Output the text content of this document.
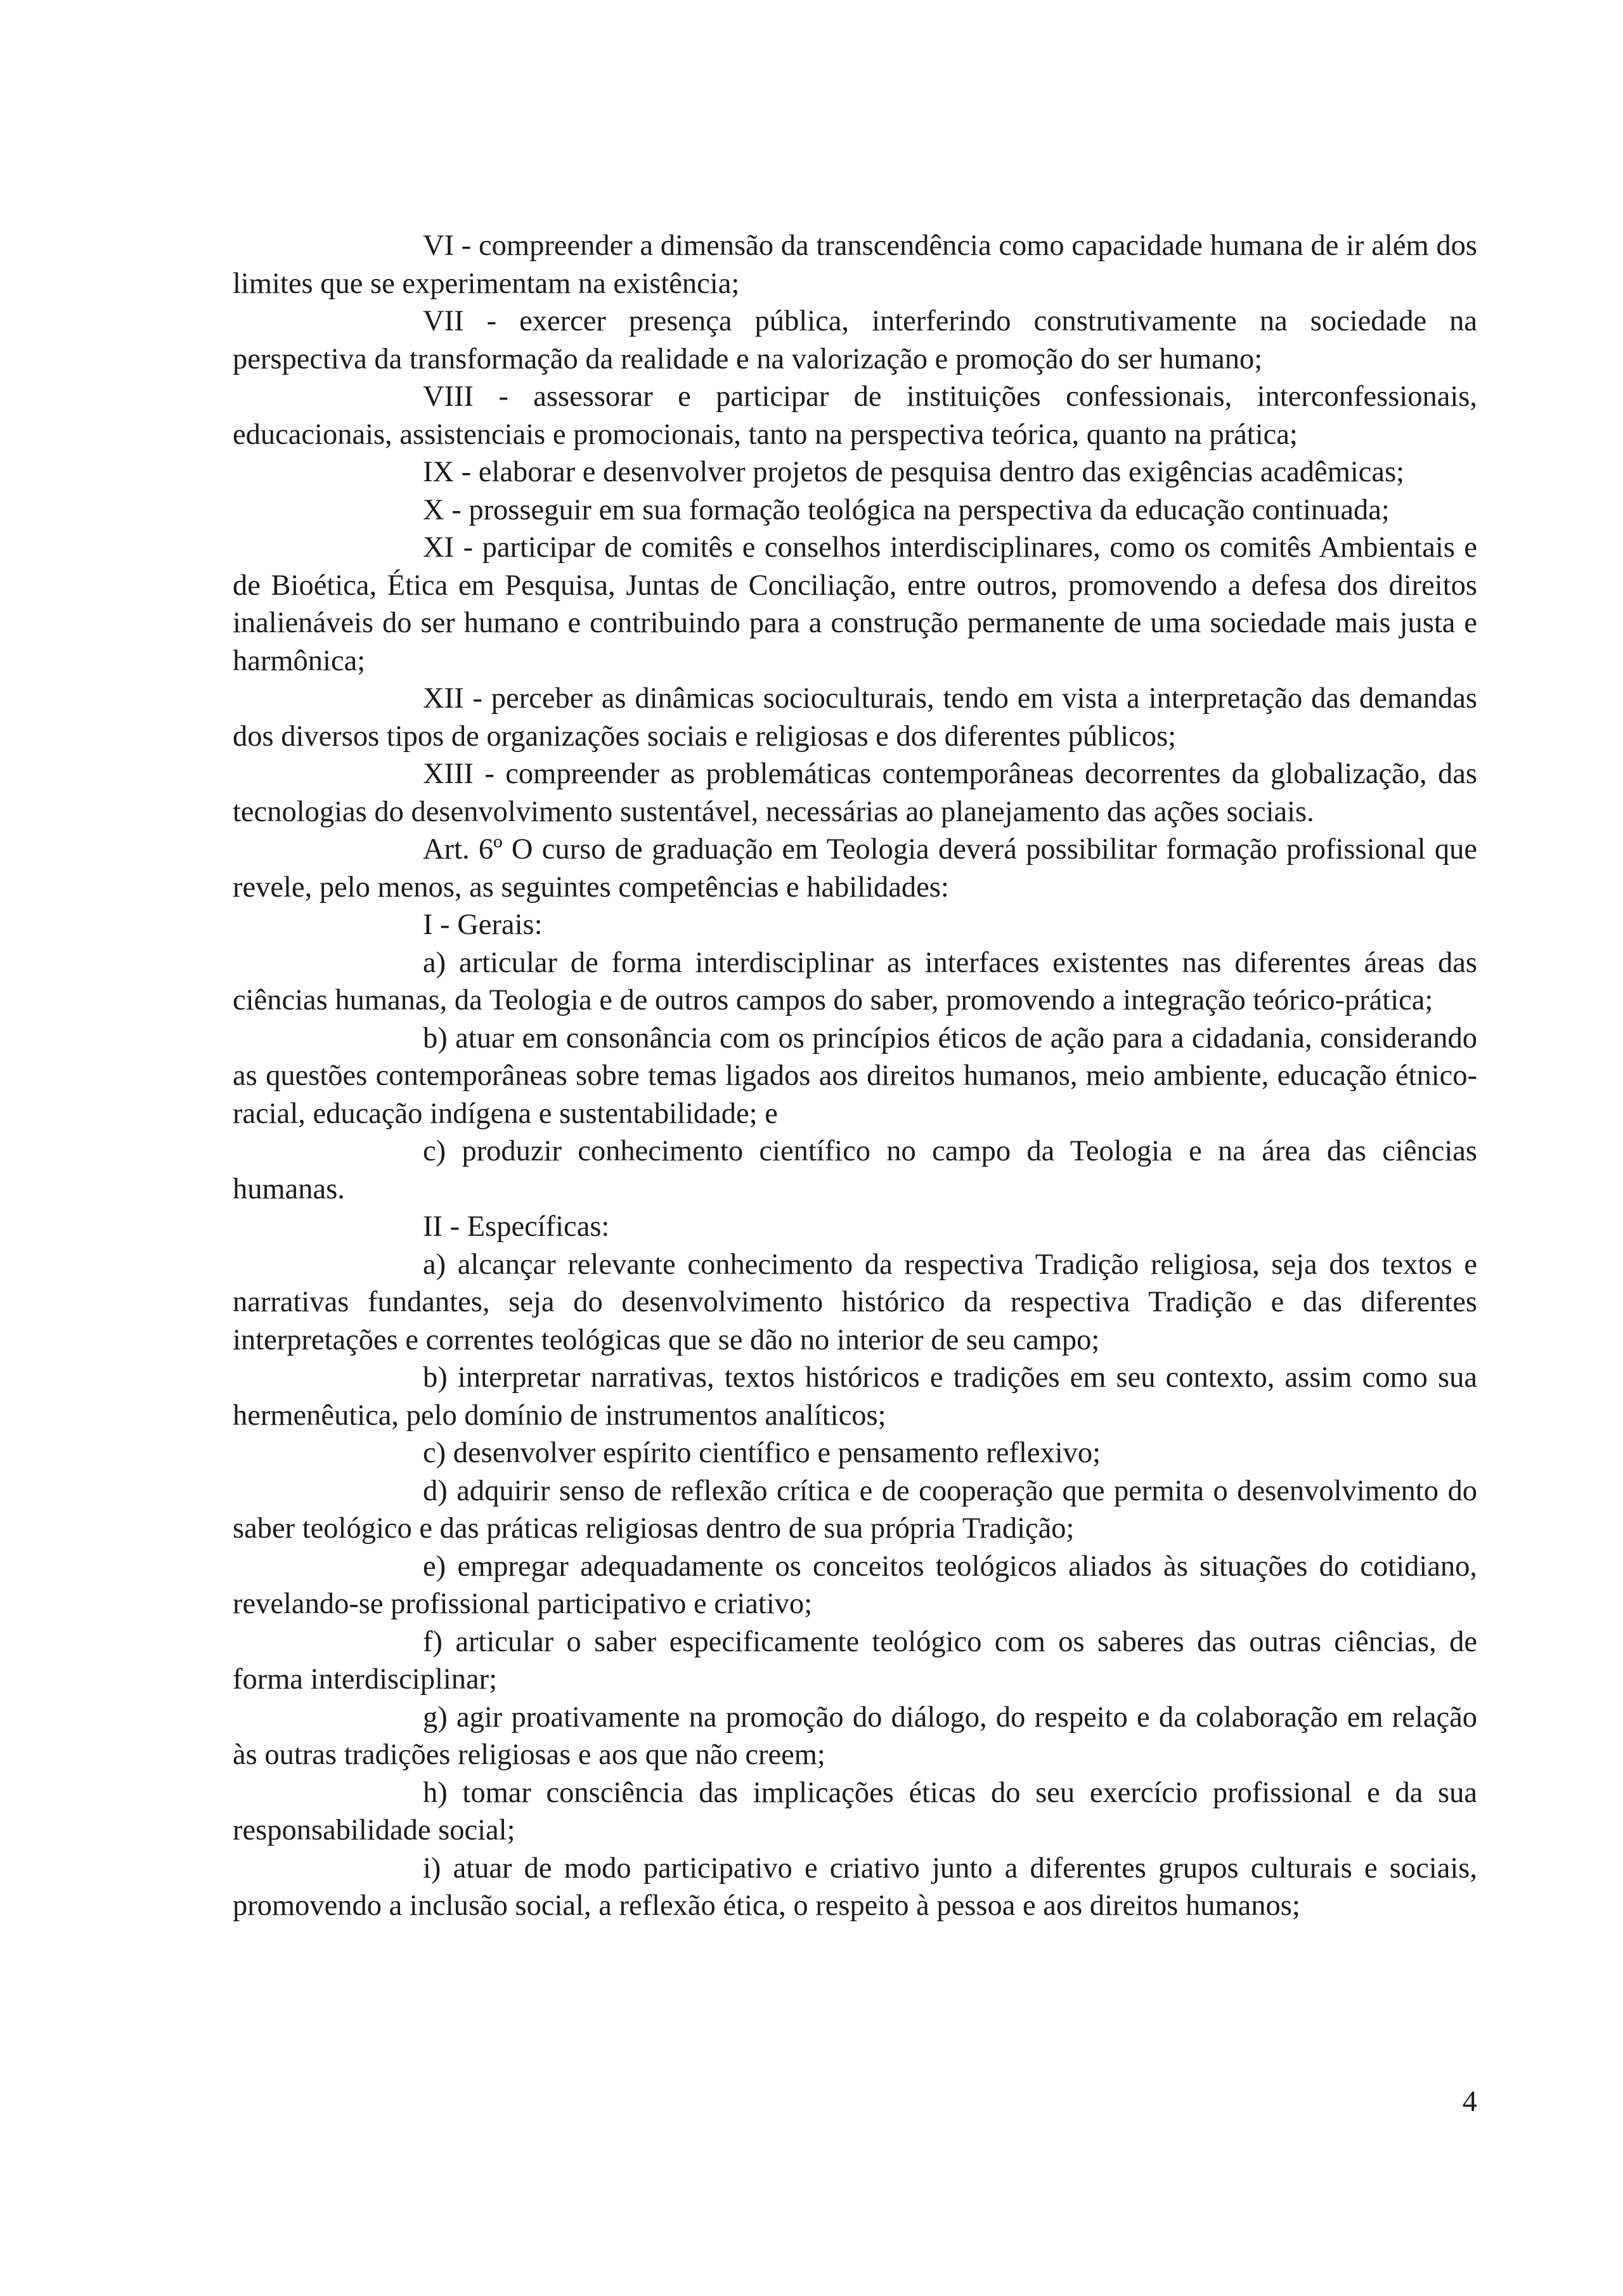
VI - compreender a dimensão da transcendência como capacidade humana de ir além dos limites que se experimentam na existência;

VII - exercer presença pública, interferindo construtivamente na sociedade na perspectiva da transformação da realidade e na valorização e promoção do ser humano;

VIII - assessorar e participar de instituições confessionais, interconfessionais, educacionais, assistenciais e promocionais, tanto na perspectiva teórica, quanto na prática;

IX - elaborar e desenvolver projetos de pesquisa dentro das exigências acadêmicas;

X - prosseguir em sua formação teológica na perspectiva da educação continuada;

XI - participar de comitês e conselhos interdisciplinares, como os comitês Ambientais e de Bioética, Ética em Pesquisa, Juntas de Conciliação, entre outros, promovendo a defesa dos direitos inalienáveis do ser humano e contribuindo para a construção permanente de uma sociedade mais justa e harmônica;

XII - perceber as dinâmicas socioculturais, tendo em vista a interpretação das demandas dos diversos tipos de organizações sociais e religiosas e dos diferentes públicos;

XIII - compreender as problemáticas contemporâneas decorrentes da globalização, das tecnologias do desenvolvimento sustentável, necessárias ao planejamento das ações sociais.

Art. 6º O curso de graduação em Teologia deverá possibilitar formação profissional que revele, pelo menos, as seguintes competências e habilidades:

I - Gerais:

a) articular de forma interdisciplinar as interfaces existentes nas diferentes áreas das ciências humanas, da Teologia e de outros campos do saber, promovendo a integração teórico-prática;

b) atuar em consonância com os princípios éticos de ação para a cidadania, considerando as questões contemporâneas sobre temas ligados aos direitos humanos, meio ambiente, educação étnico-racial, educação indígena e sustentabilidade; e

c) produzir conhecimento científico no campo da Teologia e na área das ciências humanas.

II - Específicas:

a) alcançar relevante conhecimento da respectiva Tradição religiosa, seja dos textos e narrativas fundantes, seja do desenvolvimento histórico da respectiva Tradição e das diferentes interpretações e correntes teológicas que se dão no interior de seu campo;

b) interpretar narrativas, textos históricos e tradições em seu contexto, assim como sua hermenêutica, pelo domínio de instrumentos analíticos;

c) desenvolver espírito científico e pensamento reflexivo;

d) adquirir senso de reflexão crítica e de cooperação que permita o desenvolvimento do saber teológico e das práticas religiosas dentro de sua própria Tradição;

e) empregar adequadamente os conceitos teológicos aliados às situações do cotidiano, revelando-se profissional participativo e criativo;

f) articular o saber especificamente teológico com os saberes das outras ciências, de forma interdisciplinar;

g) agir proativamente na promoção do diálogo, do respeito e da colaboração em relação às outras tradições religiosas e aos que não creem;

h) tomar consciência das implicações éticas do seu exercício profissional e da sua responsabilidade social;

i) atuar de modo participativo e criativo junto a diferentes grupos culturais e sociais, promovendo a inclusão social, a reflexão ética, o respeito à pessoa e aos direitos humanos;

4
